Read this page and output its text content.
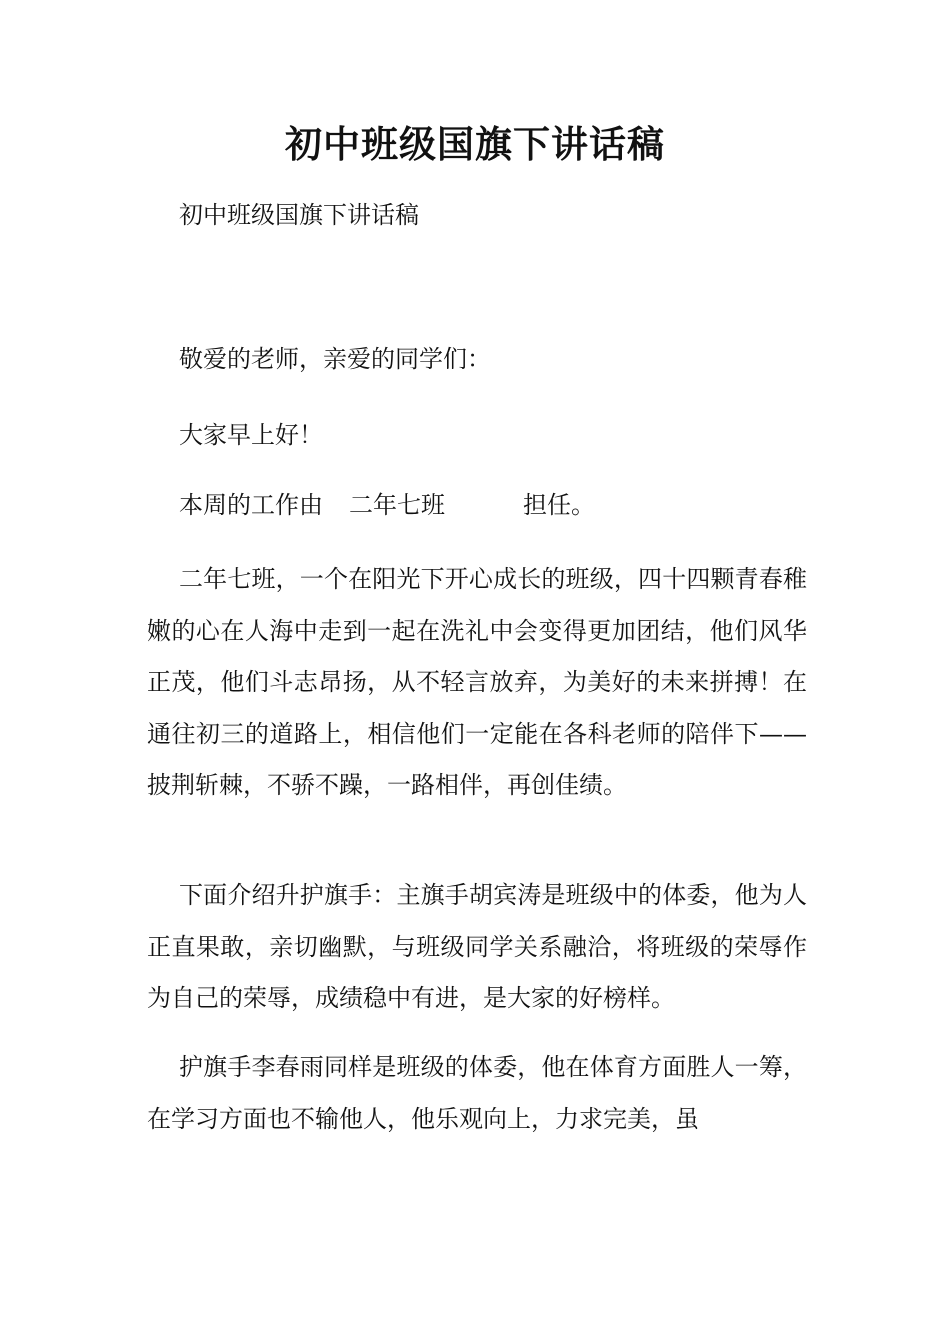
初中班级国旗下讲话稿

初中班级国旗下讲话稿

敬爱的老师，亲爱的同学们：

大家早上好！

本周的工作由 二年七班	担任。

二年七班，一个在阳光下开心成长的班级，四十四颗青春稚嫩的心在人海中走到一起在洗礼中会变得更加团结，他们风华正茂，他们斗志昂扬，从不轻言放弃，为美好的未来拼搏！在通往初三的道路上，相信他们一定能在各科老师的陪伴下——披荆斩棘，不骄不躁，一路相伴，再创佳绩。

下面介绍升护旗手：主旗手胡宾涛是班级中的体委，他为人正直果敢，亲切幽默，与班级同学关系融洽，将班级的荣辱作为自己的荣辱，成绩稳中有进，是大家的好榜样。

护旗手李春雨同样是班级的体委，他在体育方面胜人一筹，在学习方面也不输他人，他乐观向上，力求完美，虽
